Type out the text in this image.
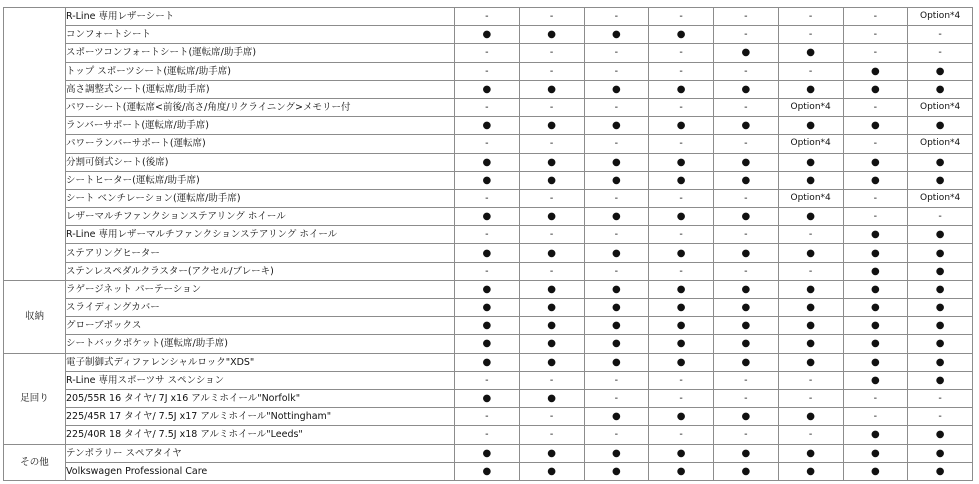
	R-Line 専用レザーシート	-	-	-	-	-	-	-	Option*4
	コンフォートシート	●	●	●	●	-	-	-	-
	スポーツコンフォートシート(運転席/助手席)	-	-	-	-	●	●	-	-
	トップ スポーツシート(運転席/助手席)	-	-	-	-	-	-	●	●
	高さ調整式シート(運転席/助手席)	●	●	●	●	●	●	●	●
	パワーシート(運転席<前後/高さ/角度/リクライニング>メモリー付	-	-	-	-	-	Option*4	-	Option*4
	ランバーサポート(運転席/助手席)	●	●	●	●	●	●	●	●
	パワーランバーサポート(運転席)	-	-	-	-	-	Option*4	-	Option*4
	分割可倒式シート(後席)	●	●	●	●	●	●	●	●
	シートヒーター(運転席/助手席)	●	●	●	●	●	●	●	●
	シート ベンチレーション(運転席/助手席)	-	-	-	-	-	Option*4	-	Option*4
	レザーマルチファンクションステアリング ホイール	●	●	●	●	●	●	-	-
	R-Line 専用レザーマルチファンクションステアリング ホイール	-	-	-	-	-	-	●	●
	ステアリングヒーター	●	●	●	●	●	●	●	●
	ステンレスペダルクラスター(アクセル/ブレーキ)	-	-	-	-	-	-	●	●
収納	ラゲージネット パーテーション	●	●	●	●	●	●	●	●
	スライディングカバー	●	●	●	●	●	●	●	●
	グローブボックス	●	●	●	●	●	●	●	●
	シートバックポケット(運転席/助手席)	●	●	●	●	●	●	●	●
足回り	電子制御式ディファレンシャルロック"XDS"	●	●	●	●	●	●	●	●
	R-Line 専用スポーツサ スペンション	-	-	-	-	-	-	●	●
	205/55R 16 タイヤ/ 7J x16 アルミホイール"Norfolk"	●	●	-	-	-	-	-	-
	225/45R 17 タイヤ/ 7.5J x17 アルミホイール"Nottingham"	-	-	●	●	●	●	-	-
	225/40R 18 タイヤ/ 7.5J x18 アルミホイール"Leeds"	-	-	-	-	-	-	●	●
その他	テンポラリー スペアタイヤ	●	●	●	●	●	●	●	●
	Volkswagen Professional Care	●	●	●	●	●	●	●	●
